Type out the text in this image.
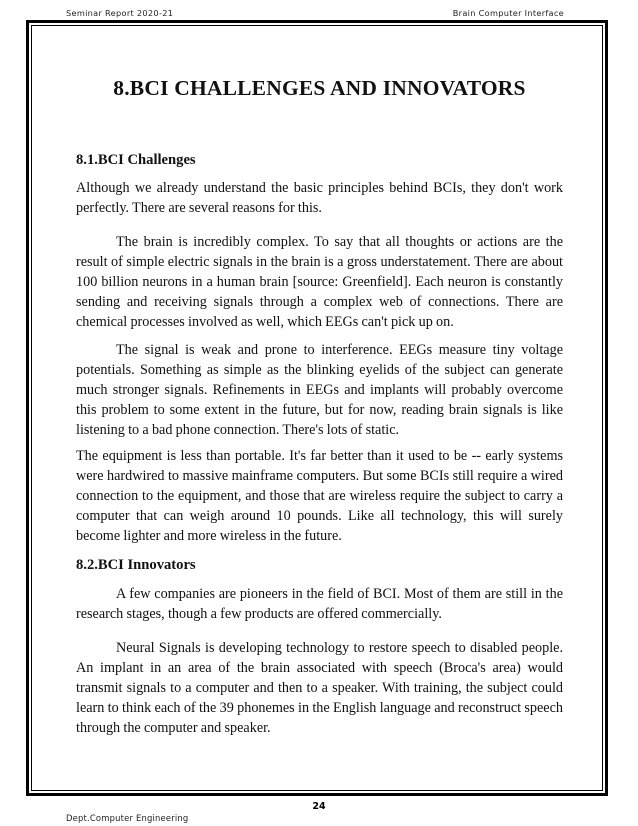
Seminar Report 2020-21	Brain Computer Interface
8.BCI CHALLENGES AND INNOVATORS
8.1.BCI Challenges

Although we already understand the basic principles behind BCIs, they don't work perfectly. There are several reasons for this.

The brain is incredibly complex. To say that all thoughts or actions are the result of simple electric signals in the brain is a gross understatement. There are about 100 billion neurons in a human brain [source: Greenfield]. Each neuron is constantly sending and receiving signals through a complex web of connections. There are chemical processes involved as well, which EEGs can't pick up on.

The signal is weak and prone to interference. EEGs measure tiny voltage potentials. Something as simple as the blinking eyelids of the subject can generate much stronger signals. Refinements in EEGs and implants will probably overcome this problem to some extent in the future, but for now, reading brain signals is like listening to a bad phone connection. There's lots of static.

The equipment is less than portable. It's far better than it used to be -- early systems were hardwired to massive mainframe computers. But some BCIs still require a wired connection to the equipment, and those that are wireless require the subject to carry a computer that can weigh around 10 pounds. Like all technology, this will surely become lighter and more wireless in the future.

8.2.BCI Innovators

A few companies are pioneers in the field of BCI. Most of them are still in the research stages, though a few products are offered commercially.

Neural Signals is developing technology to restore speech to disabled people. An implant in an area of the brain associated with speech (Broca's area) would transmit signals to a computer and then to a speaker. With training, the subject could learn to think each of the 39 phonemes in the English language and reconstruct speech through the computer and speaker.

24
Dept.Computer Engineering
